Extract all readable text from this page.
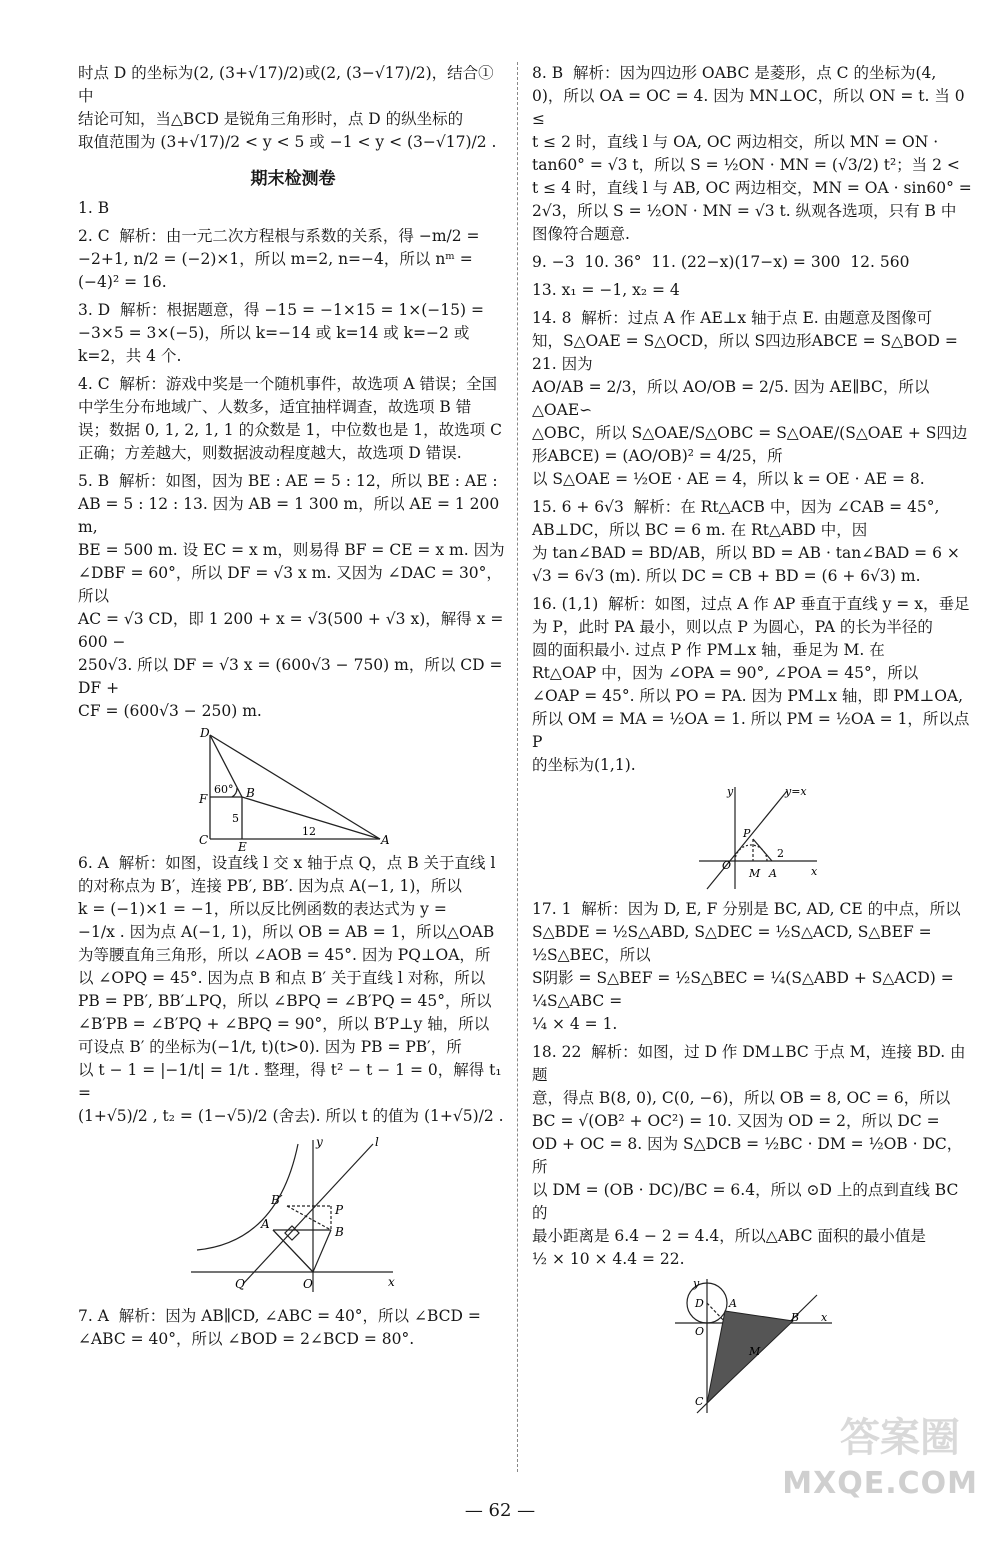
时点 D 的坐标为(2, (3+√17)/2)或(2, (3−√17)/2)，结合①中

结论可知，当△BCD 是锐角三角形时，点 D 的纵坐标的

取值范围为 (3+√17)/2 < y < 5 或 −1 < y < (3−√17)/2 .

期末检测卷

1. B

2. C  解析：由一元二次方程根与系数的关系，得 −m/2 =

−2+1, n/2 = (−2)×1，所以 m=2, n=−4，所以 nᵐ =

(−4)² = 16.

3. D  解析：根据题意，得 −15 = −1×15 = 1×(−15) =

−3×5 = 3×(−5)，所以 k=−14 或 k=14 或 k=−2 或

k=2，共 4 个.

4. C  解析：游戏中奖是一个随机事件，故选项 A 错误；全国

中学生分布地域广、人数多，适宜抽样调查，故选项 B 错

误；数据 0, 1, 2, 1, 1 的众数是 1，中位数也是 1，故选项 C

正确；方差越大，则数据波动程度越大，故选项 D 错误.

5. B  解析：如图，因为 BE : AE = 5 : 12，所以 BE : AE :

AB = 5 : 12 : 13. 因为 AB = 1 300 m，所以 AE = 1 200 m,

BE = 500 m. 设 EC = x m，则易得 BF = CE = x m. 因为

∠DBF = 60°，所以 DF = √3 x m. 又因为 ∠DAC = 30°，所以

AC = √3 CD，即 1 200 + x = √3(500 + √3 x)，解得 x = 600 −

250√3. 所以 DF = √3 x = (600√3 − 750) m，所以 CD = DF +

CF = (600√3 − 250) m.

D
B
F
C E	A
60°
5
12

6. A  解析：如图，设直线 l 交 x 轴于点 Q，点 B 关于直线 l

的对称点为 B′，连接 PB′, BB′. 因为点 A(−1, 1)，所以

k = (−1)×1 = −1，所以反比例函数的表达式为 y =

−1/x . 因为点 A(−1, 1)，所以 OB = AB = 1，所以△OAB

为等腰直角三角形，所以 ∠AOB = 45°. 因为 PQ⊥OA，所

以 ∠OPQ = 45°. 因为点 B 和点 B′ 关于直线 l 对称，所以

PB = PB′, BB′⊥PQ，所以 ∠BPQ = ∠B′PQ = 45°，所以

∠B′PB = ∠B′PQ + ∠BPQ = 90°，所以 B′P⊥y 轴，所以

可设点 B′ 的坐标为(−1/t, t)(t>0). 因为 PB = PB′，所

以 t − 1 = |−1/t| = 1/t . 整理，得 t² − t − 1 = 0，解得 t₁ =

(1+√5)/2 , t₂ = (1−√5)/2 (舍去). 所以 t 的值为 (1+√5)/2 .

y	l
B′
P
A
B
Q	O	x

7. A  解析：因为 AB∥CD, ∠ABC = 40°，所以 ∠BCD =

∠ABC = 40°，所以 ∠BOD = 2∠BCD = 80°.

8. B  解析：因为四边形 OABC 是菱形，点 C 的坐标为(4,

0)，所以 OA = OC = 4. 因为 MN⊥OC，所以 ON = t. 当 0 ≤

t ≤ 2 时，直线 l 与 OA, OC 两边相交，所以 MN = ON ·

tan60° = √3 t，所以 S = ½ON · MN = (√3/2) t²；当 2 <

t ≤ 4 时，直线 l 与 AB, OC 两边相交，MN = OA · sin60° =

2√3，所以 S = ½ON · MN = √3 t. 纵观各选项，只有 B 中

图像符合题意.

9. −3  10. 36°  11. (22−x)(17−x) = 300  12. 560

13. x₁ = −1, x₂ = 4

14. 8  解析：过点 A 作 AE⊥x 轴于点 E. 由题意及图像可

知，S△OAE = S△OCD，所以 S四边形ABCE = S△BOD = 21. 因为

AO/AB = 2/3，所以 AO/OB = 2/5. 因为 AE∥BC，所以△OAE∽

△OBC，所以 S△OAE/S△OBC = S△OAE/(S△OAE + S四边形ABCE) = (AO/OB)² = 4/25，所

以 S△OAE = ½OE · AE = 4，所以 k = OE · AE = 8.

15. 6 + 6√3  解析：在 Rt△ACB 中，因为 ∠CAB = 45°,

AB⊥DC，所以 BC = 6 m. 在 Rt△ABD 中，因

为 tan∠BAD = BD/AB，所以 BD = AB · tan∠BAD = 6 ×

√3 = 6√3 (m). 所以 DC = CB + BD = (6 + 6√3) m.

16. (1,1)  解析：如图，过点 A 作 AP 垂直于直线 y = x，垂足

为 P，此时 PA 最小，则以点 P 为圆心，PA 的长为半径的

圆的面积最小. 过点 P 作 PM⊥x 轴，垂足为 M. 在

Rt△OAP 中，因为 ∠OPA = 90°, ∠POA = 45°，所以

∠OAP = 45°. 所以 PO = PA. 因为 PM⊥x 轴，即 PM⊥OA,

所以 OM = MA = ½OA = 1. 所以 PM = ½OA = 1，所以点 P

的坐标为(1,1).

y	y=x
P
O
M A
2
x

17. 1  解析：因为 D, E, F 分别是 BC, AD, CE 的中点，所以

S△BDE = ½S△ABD, S△DEC = ½S△ACD, S△BEF = ½S△BEC，所以

S阴影 = S△BEF = ½S△BEC = ¼(S△ABD + S△ACD) = ¼S△ABC =

¼ × 4 = 1.

18. 22  解析：如图，过 D 作 DM⊥BC 于点 M，连接 BD. 由题

意，得点 B(8, 0), C(0, −6)，所以 OB = 8, OC = 6，所以

BC = √(OB² + OC²) = 10. 又因为 OD = 2，所以 DC =

OD + OC = 8. 因为 S△DCB = ½BC · DM = ½OB · DC，所

以 DM = (OB · DC)/BC = 6.4，所以 ⊙D 上的点到直线 BC 的

最小距离是 6.4 − 2 = 4.4，所以△ABC 面积的最小值是

½ × 10 × 4.4 = 22.

y
D A
O
B x
M
C
— 62 —
答案圈
MXQE.COM
